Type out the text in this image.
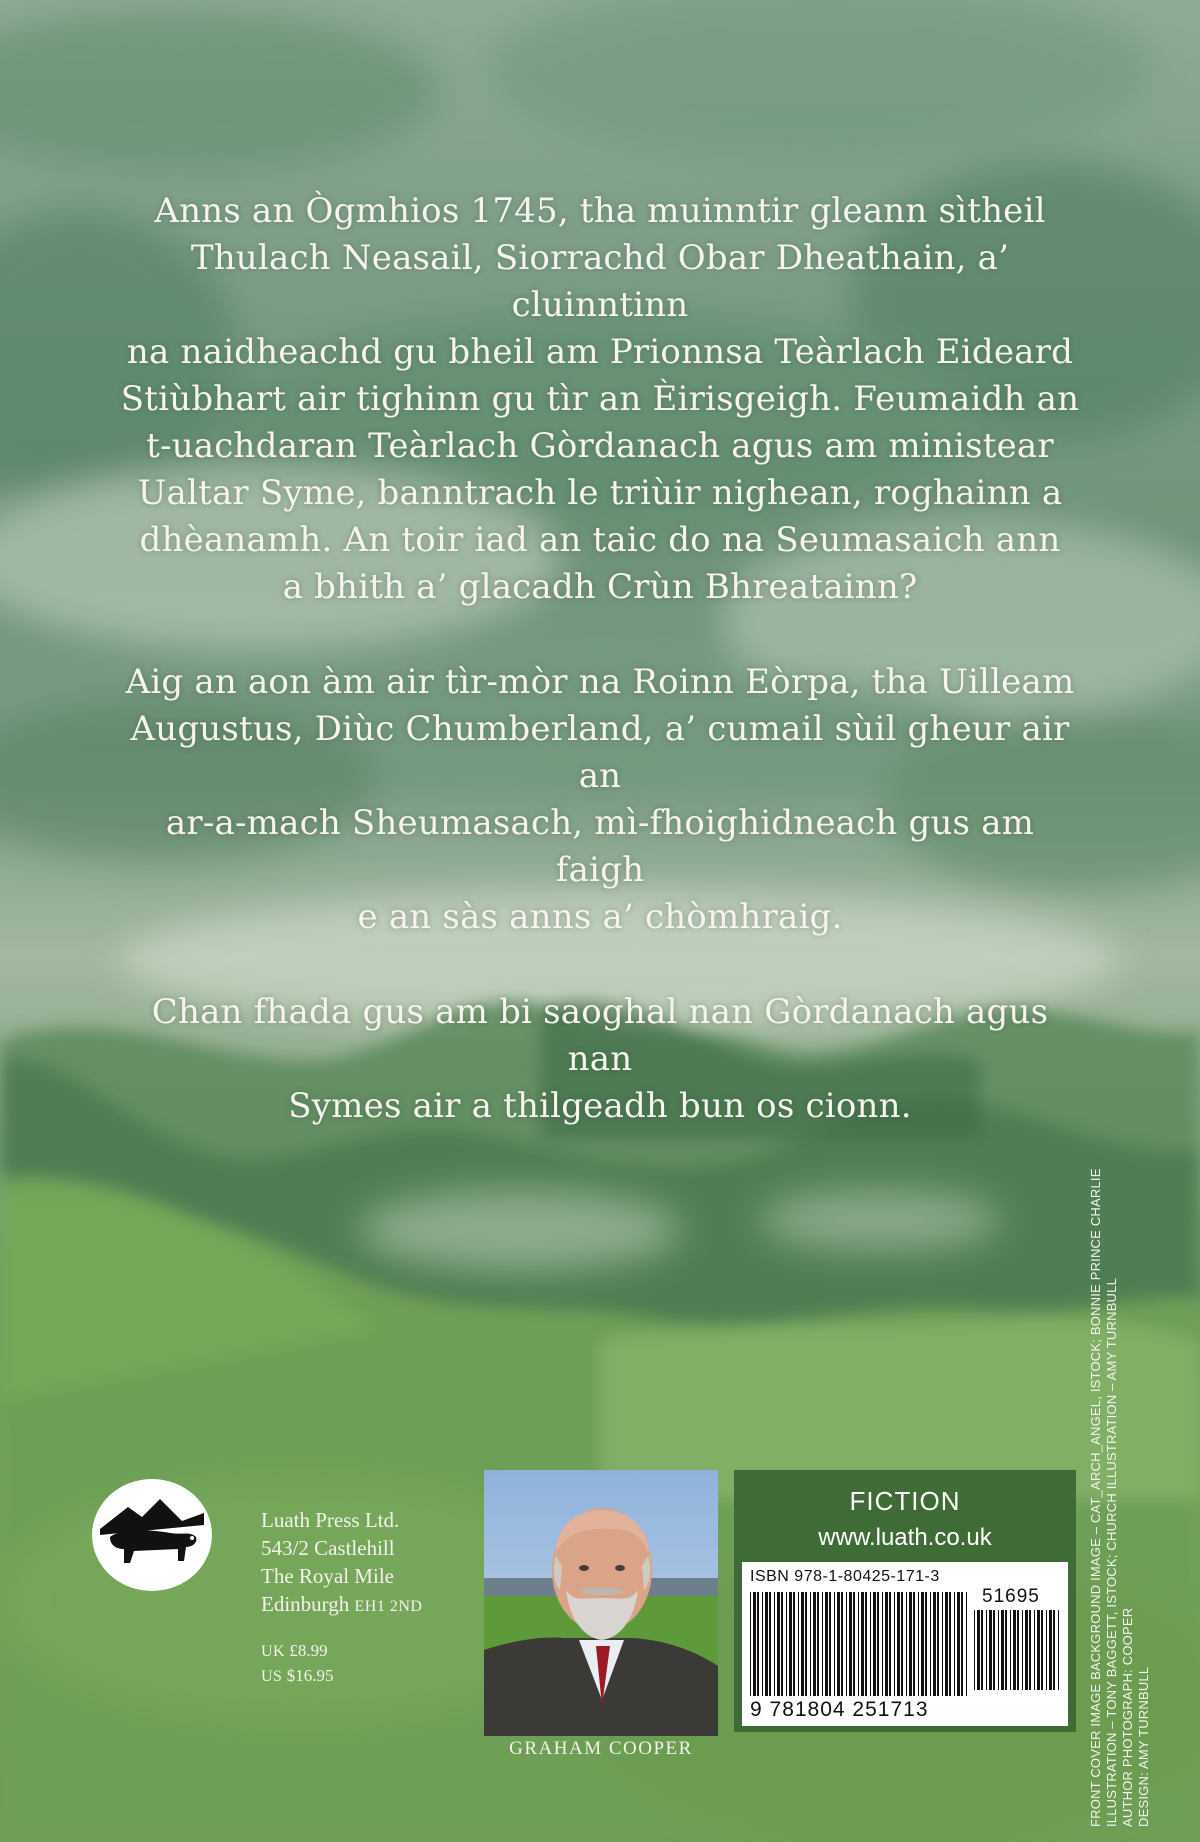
Anns an Ògmhios 1745, tha muinntir gleann sìtheil
Thulach Neasail, Siorrachd Obar Dheathain, a’ cluinntinn
na naidheachd gu bheil am Prionnsa Teàrlach Eideard
Stiùbhart air tighinn gu tìr an Èirisgeigh. Feumaidh an
t-uachdaran Teàrlach Gòrdanach agus am ministear
Ualtar Syme, banntrach le triùir nighean, roghainn a
dhèanamh. An toir iad an taic do na Seumasaich ann
a bhith a’ glacadh Crùn Bhreatainn?

Aig an aon àm air tìr-mòr na Roinn Eòrpa, tha Uilleam
Augustus, Diùc Chumberland, a’ cumail sùil gheur air an
ar-a-mach Sheumasach, mì-fhoighidneach gus am faigh
e an sàs anns a’ chòmhraig.

Chan fhada gus am bi saoghal nan Gòrdanach agus nan
Symes air a thilgeadh bun os cionn.

Luath Press Ltd.
543/2 Castlehill
The Royal Mile
Edinburgh EH1 2ND
UK £8.99
US $16.95
GRAHAM COOPER
FICTION
www.luath.co.uk
ISBN 978-1-80425-171-3
9 781804 251713
51695	FRONT COVER IMAGE BACKGROUND IMAGE – CAT_ARCH_ANGEL, ISTOCK; BONNIE PRINCE CHARLIE ILLUSTRATION – TONY BAGGETT, ISTOCK; CHURCH ILLUSTRATION – AMY TURNBULL AUTHOR PHOTOGRAPH: COOPER DESIGN: AMY TURNBULL
